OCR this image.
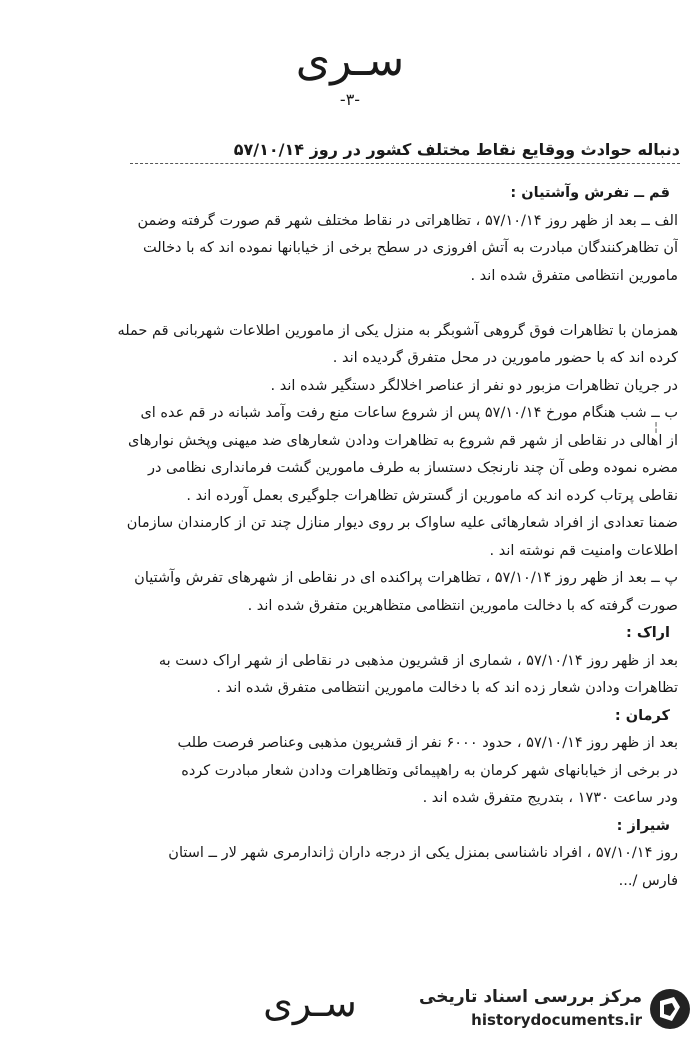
سـری
-۳-
دنباله حوادث ووقایع نقاط مختلف کشور در روز ۵۷/۱۰/۱۴
قم ــ تفرش وآشتیان :
الف ــ بعد از ظهر روز ۵۷/۱۰/۱۴ ، تظاهراتی در نقاط مختلف شهر قم صورت گرفته وضمن
آن تظاهرکنندگان مبادرت به آتش افروزی در سطح برخی از خیابانها نموده اند که با دخالت
مامورین انتظامی متفرق شده اند .
همزمان با تظاهرات فوق گروهی آشوبگر به منزل یکی از مامورین اطلاعات شهربانی قم حمله
کرده اند که با حضور مامورین در محل متفرق گردیده اند .
در جریان تظاهرات مزبور دو نفر از عناصر اخلالگر دستگیر شده اند .
ب ــ شب هنگام مورخ ۵۷/۱۰/۱۴ پس از شروع ساعات منع رفت وآمد شبانه در قم عده ای
از اهالی در نقاطی از شهر قم شروع به تظاهرات ودادن شعارهای ضد میهنی وپخش نوارهای
مضره نموده وطی آن چند نارنجک دستساز به طرف مامورین گشت فرمانداری نظامی در
نقاطی پرتاب کرده اند که مامورین از گسترش تظاهرات جلوگیری بعمل آورده اند .
ضمنا تعدادی از افراد شعارهائی علیه ساواک بر روی دیوار منازل چند تن از کارمندان سازمان
اطلاعات وامنیت قم نوشته اند .
پ ــ بعد از ظهر روز ۵۷/۱۰/۱۴ ، تظاهرات پراکنده ای در نقاطی از شهرهای تفرش وآشتیان
صورت گرفته که با دخالت مامورین انتظامی متظاهرین متفرق شده اند .
اراک :
بعد از ظهر روز ۵۷/۱۰/۱۴ ، شماری از قشریون مذهبی در نقاطی از شهر اراک دست به
تظاهرات ودادن شعار زده اند که با دخالت مامورین انتظامی متفرق شده اند .
کرمان :
بعد از ظهر روز ۵۷/۱۰/۱۴ ، حدود ۶۰۰۰ نفر از قشریون مذهبی وعناصر فرصت طلب
در برخی از خیابانهای شهر کرمان به راهپیمائی وتظاهرات ودادن شعار مبادرت کرده
ودر ساعت ۱۷۳۰ ، بتدریج متفرق شده اند .
شیراز :
روز ۵۷/۱۰/۱۴ ، افراد ناشناسی بمنزل یکی از درجه داران ژاندارمری شهر لار ــ استان
فارس /...
¦
سـری	مرکز بررسی اسناد تاریخی
historydocuments.ir
